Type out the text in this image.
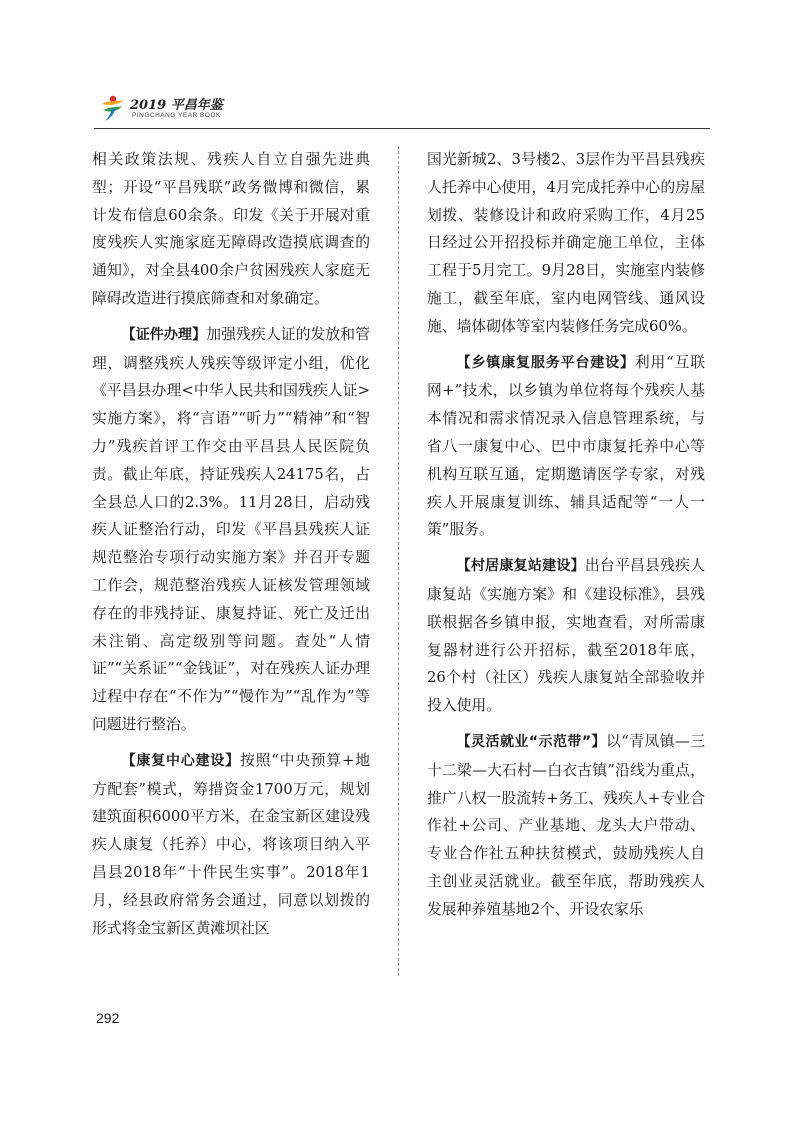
2019 平昌年鉴
PINGCHANG YEAR BOOK

相关政策法规、残疾人自立自强先进典型；开设“平昌残联”政务微博和微信，累计发布信息60余条。印发《关于开展对重度残疾人实施家庭无障碍改造摸底调查的通知》，对全县400余户贫困残疾人家庭无障碍改造进行摸底筛查和对象确定。

【证件办理】加强残疾人证的发放和管理，调整残疾人残疾等级评定小组，优化《平昌县办理<中华人民共和国残疾人证>实施方案》，将“言语”“听力”“精神”和“智力”残疾首评工作交由平昌县人民医院负责。截止年底，持证残疾人24175名，占全县总人口的2.3%。11月28日，启动残疾人证整治行动，印发《平昌县残疾人证规范整治专项行动实施方案》并召开专题工作会，规范整治残疾人证核发管理领域存在的非残持证、康复持证、死亡及迁出未注销、高定级别等问题。查处“人情证”“关系证”“金钱证”，对在残疾人证办理过程中存在“不作为”“慢作为”“乱作为”等问题进行整治。

【康复中心建设】按照“中央预算+地方配套”模式，筹措资金1700万元，规划建筑面积6000平方米，在金宝新区建设残疾人康复（托养）中心，将该项目纳入平昌县2018年“十件民生实事”。2018年1月，经县政府常务会通过，同意以划拨的形式将金宝新区黄滩坝社区

国光新城2、3号楼2、3层作为平昌县残疾人托养中心使用，4月完成托养中心的房屋划拨、装修设计和政府采购工作，4月25日经过公开招投标并确定施工单位，主体工程于5月完工。9月28日，实施室内装修施工，截至年底，室内电网管线、通风设施、墙体砌体等室内装修任务完成60%。

【乡镇康复服务平台建设】利用“互联网+”技术，以乡镇为单位将每个残疾人基本情况和需求情况录入信息管理系统，与省八一康复中心、巴中市康复托养中心等机构互联互通，定期邀请医学专家，对残疾人开展康复训练、辅具适配等“一人一策”服务。

【村居康复站建设】出台平昌县残疾人康复站《实施方案》和《建设标准》，县残联根据各乡镇申报，实地查看，对所需康复器材进行公开招标，截至2018年底，26个村（社区）残疾人康复站全部验收并投入使用。

【灵活就业“示范带”】以“青凤镇—三十二梁—大石村—白衣古镇”沿线为重点，推广八权一股流转+务工、残疾人+专业合作社+公司、产业基地、龙头大户带动、专业合作社五种扶贫模式，鼓励残疾人自主创业灵活就业。截至年底，帮助残疾人发展种养殖基地2个、开设农家乐

292
